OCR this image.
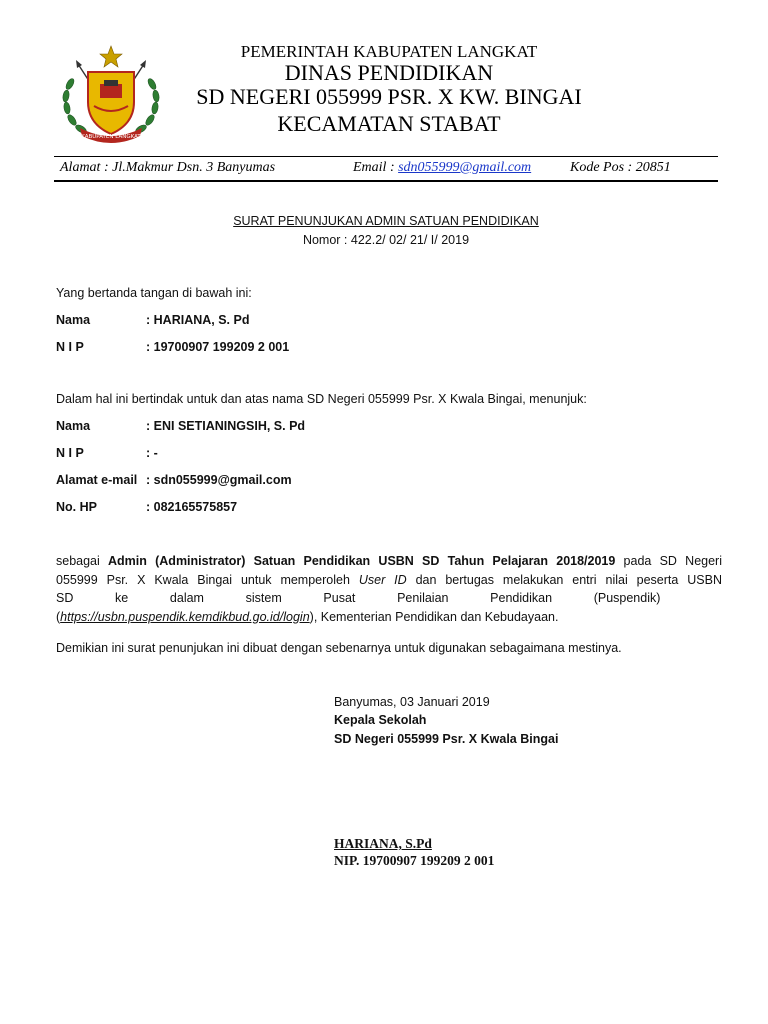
KABUPATEN LANGKAT
PEMERINTAH KABUPATEN LANGKAT
DINAS PENDIDIKAN
SD NEGERI 055999 PSR. X KW. BINGAI
KECAMATAN STABAT
Alamat : Jl.Makmur Dsn. 3 Banyumas	Email : sdn055999@gmail.com	Kode Pos : 20851
SURAT PENUNJUKAN ADMIN SATUAN PENDIDIKAN
Nomor : 422.2/ 02/ 21/ I/ 2019
Yang bertanda tangan di bawah ini:
Nama	: HARIANA, S. Pd
N I P	: 19700907 199209 2 001
Dalam hal ini bertindak untuk dan atas nama SD Negeri 055999 Psr. X Kwala Bingai, menunjuk:
Nama	: ENI SETIANINGSIH, S. Pd
N I P	: -
Alamat e-mail : sdn055999@gmail.com
No. HP	: 082165575857
sebagai Admin (Administrator) Satuan Pendidikan USBN SD Tahun Pelajaran 2018/2019 pada SD Negeri
055999 Psr. X Kwala Bingai untuk memperoleh User ID dan bertugas melakukan entri nilai peserta USBN
SD            ke            dalam            sistem            Pusat            Penilaian            Pendidikan            (Puspendik)
(https://usbn.puspendik.kemdikbud.go.id/login), Kementerian Pendidikan dan Kebudayaan.
Demikian ini surat penunjukan ini dibuat dengan sebenarnya untuk digunakan sebagaimana mestinya.
Banyumas, 03 Januari 2019
Kepala Sekolah
SD Negeri 055999 Psr. X Kwala Bingai
HARIANA, S.Pd
NIP. 19700907 199209 2 001
